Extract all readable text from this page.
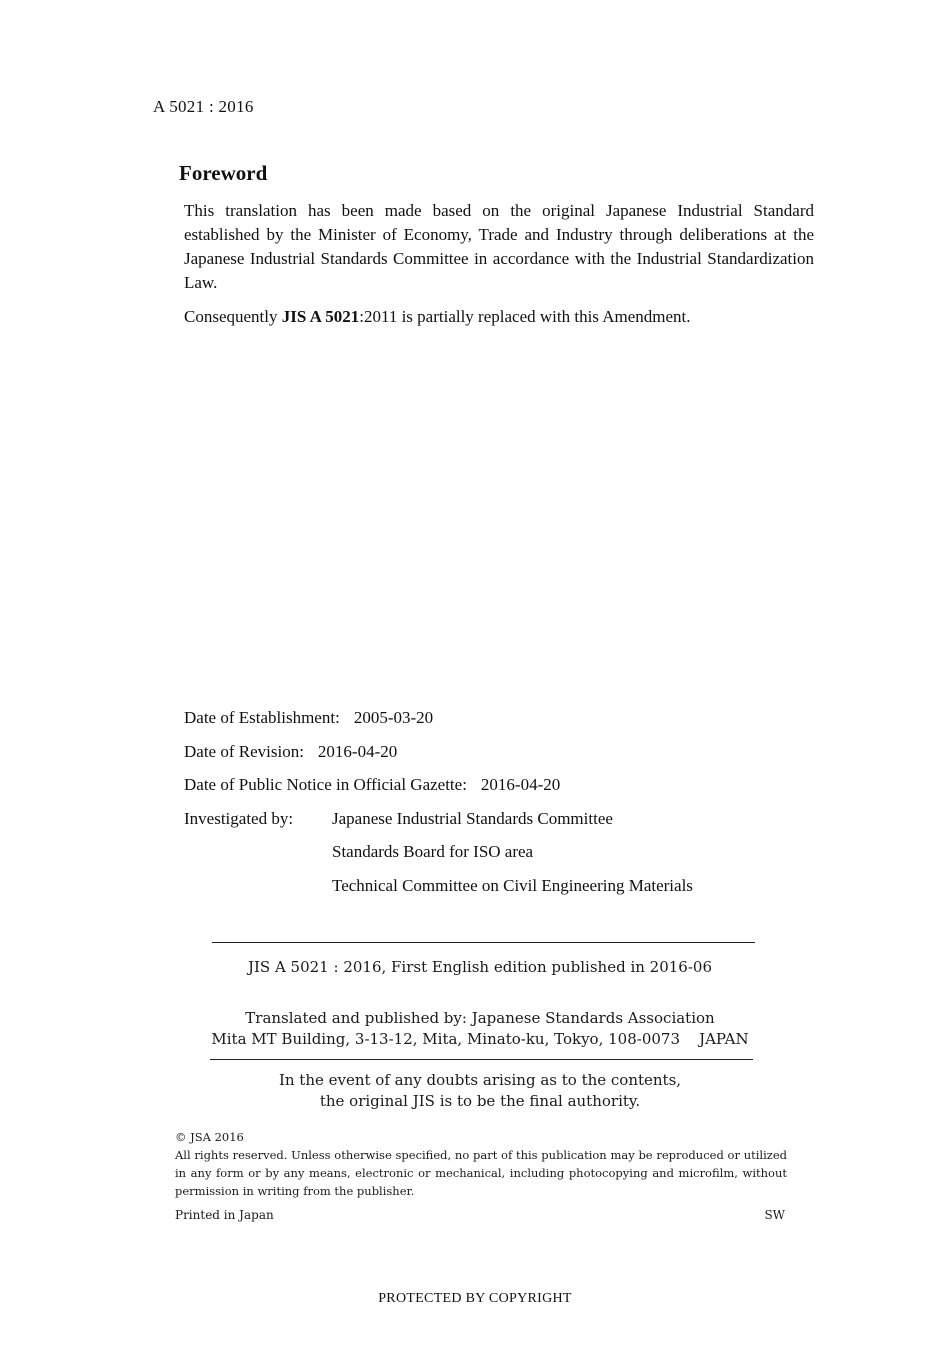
A 5021 : 2016
Foreword

This translation has been made based on the original Japanese Industrial Standard established by the Minister of Economy, Trade and Industry through deliberations at the Japanese Industrial Standards Committee in accordance with the Industrial Standardization Law.

Consequently JIS A 5021:2011 is partially replaced with this Amendment.

Date of Establishment: 2005-03-20
Date of Revision: 2016-04-20
Date of Public Notice in Official Gazette: 2016-04-20
Investigated by: Japanese Industrial Standards Committee
Standards Board for ISO area
Technical Committee on Civil Engineering Materials
JIS A 5021 : 2016, First English edition published in 2016-06
Translated and published by: Japanese Standards Association
Mita MT Building, 3-13-12, Mita, Minato-ku, Tokyo, 108-0073    JAPAN
In the event of any doubts arising as to the contents,
the original JIS is to be the final authority.
© JSA 2016
All rights reserved. Unless otherwise specified, no part of this publication may be reproduced or utilized in any form or by any means, electronic or mechanical, including photocopying and microfilm, without permission in writing from the publisher.
Printed in Japan	SW
PROTECTED BY COPYRIGHT
